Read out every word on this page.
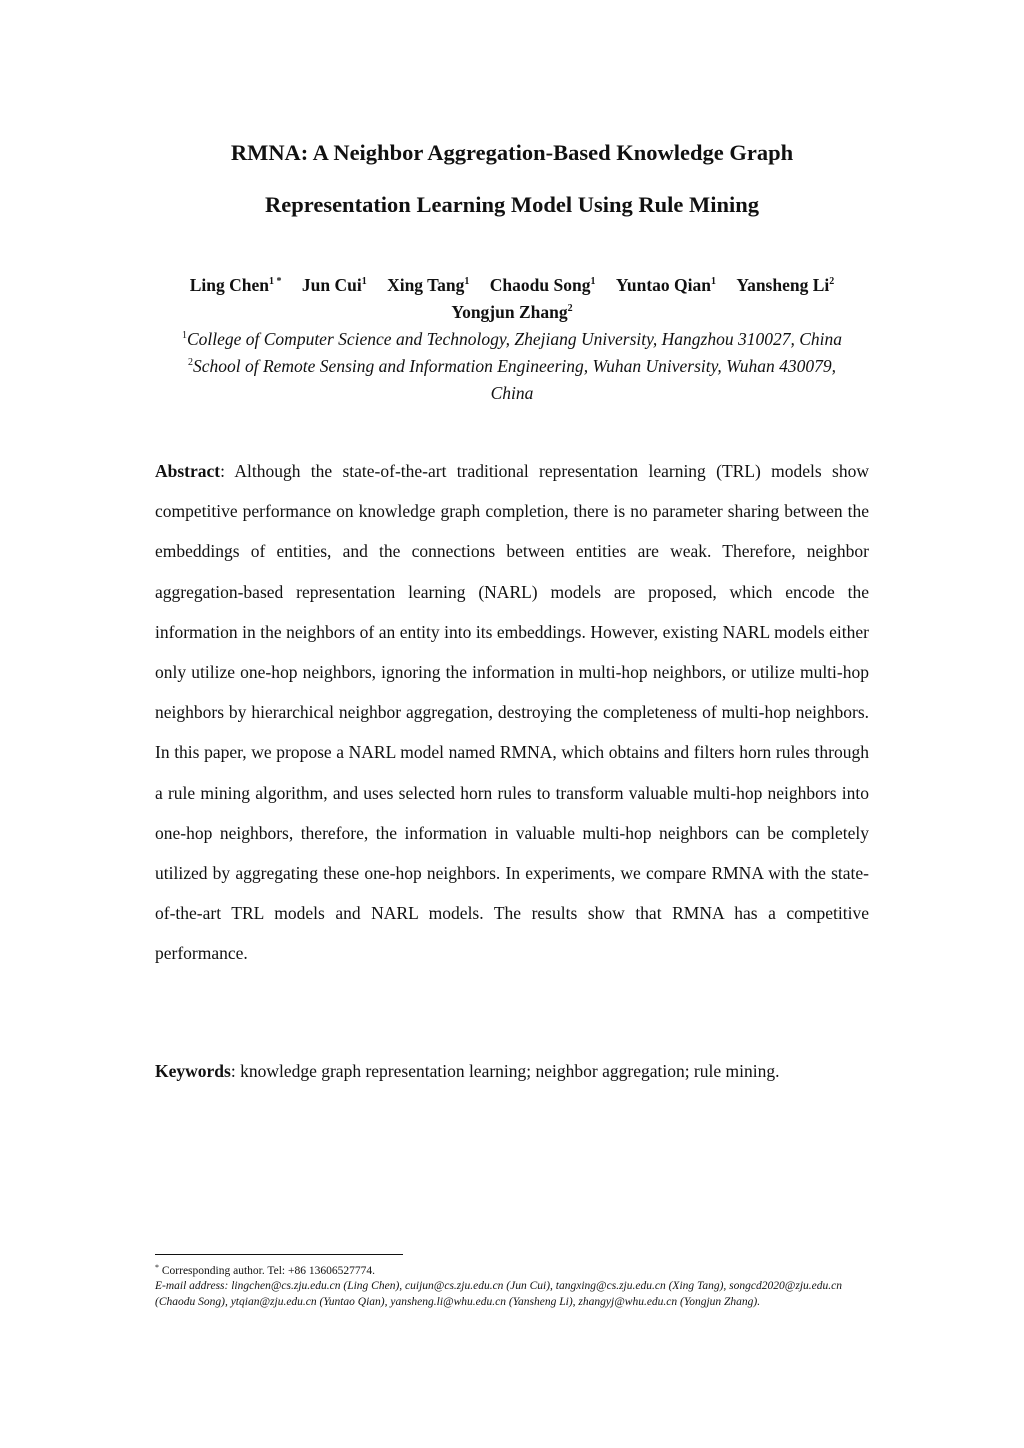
RMNA: A Neighbor Aggregation-Based Knowledge Graph
Representation Learning Model Using Rule Mining
Ling Chen$^{1 *}$ Jun Cui$^1$ Xing Tang$^1$ Chaodu Song$^1$ Yuntao Qian$^1$ Yansheng Li$^2$
Yongjun Zhang$^2$
$^1$College of Computer Science and Technology, Zhejiang University, Hangzhou 310027, China
$^2$School of Remote Sensing and Information Engineering, Wuhan University, Wuhan 430079,
China
Abstract: Although the state-of-the-art traditional representation learning (TRL) models show competitive performance on knowledge graph completion, there is no parameter sharing between the embeddings of entities, and the connections between entities are weak. Therefore, neighbor aggregation-based representation learning (NARL) models are proposed, which encode the information in the neighbors of an entity into its embeddings. However, existing NARL models either only utilize one-hop neighbors, ignoring the information in multi-hop neighbors, or utilize multi-hop neighbors by hierarchical neighbor aggregation, destroying the completeness of multi-hop neighbors. In this paper, we propose a NARL model named RMNA, which obtains and filters horn rules through a rule mining algorithm, and uses selected horn rules to transform valuable multi-hop neighbors into one-hop neighbors, therefore, the information in valuable multi-hop neighbors can be completely utilized by aggregating these one-hop neighbors. In experiments, we compare RMNA with the state-of-the-art TRL models and NARL models. The results show that RMNA has a competitive performance.
Keywords: knowledge graph representation learning; neighbor aggregation; rule mining.
* Corresponding author. Tel: +86 13606527774.
E-mail address: lingchen@cs.zju.edu.cn (Ling Chen), cuijun@cs.zju.edu.cn (Jun Cui), tangxing@cs.zju.edu.cn (Xing Tang), songcd2020@zju.edu.cn (Chaodu Song), ytqian@zju.edu.cn (Yuntao Qian), yansheng.li@whu.edu.cn (Yansheng Li), zhangyj@whu.edu.cn (Yongjun Zhang).
